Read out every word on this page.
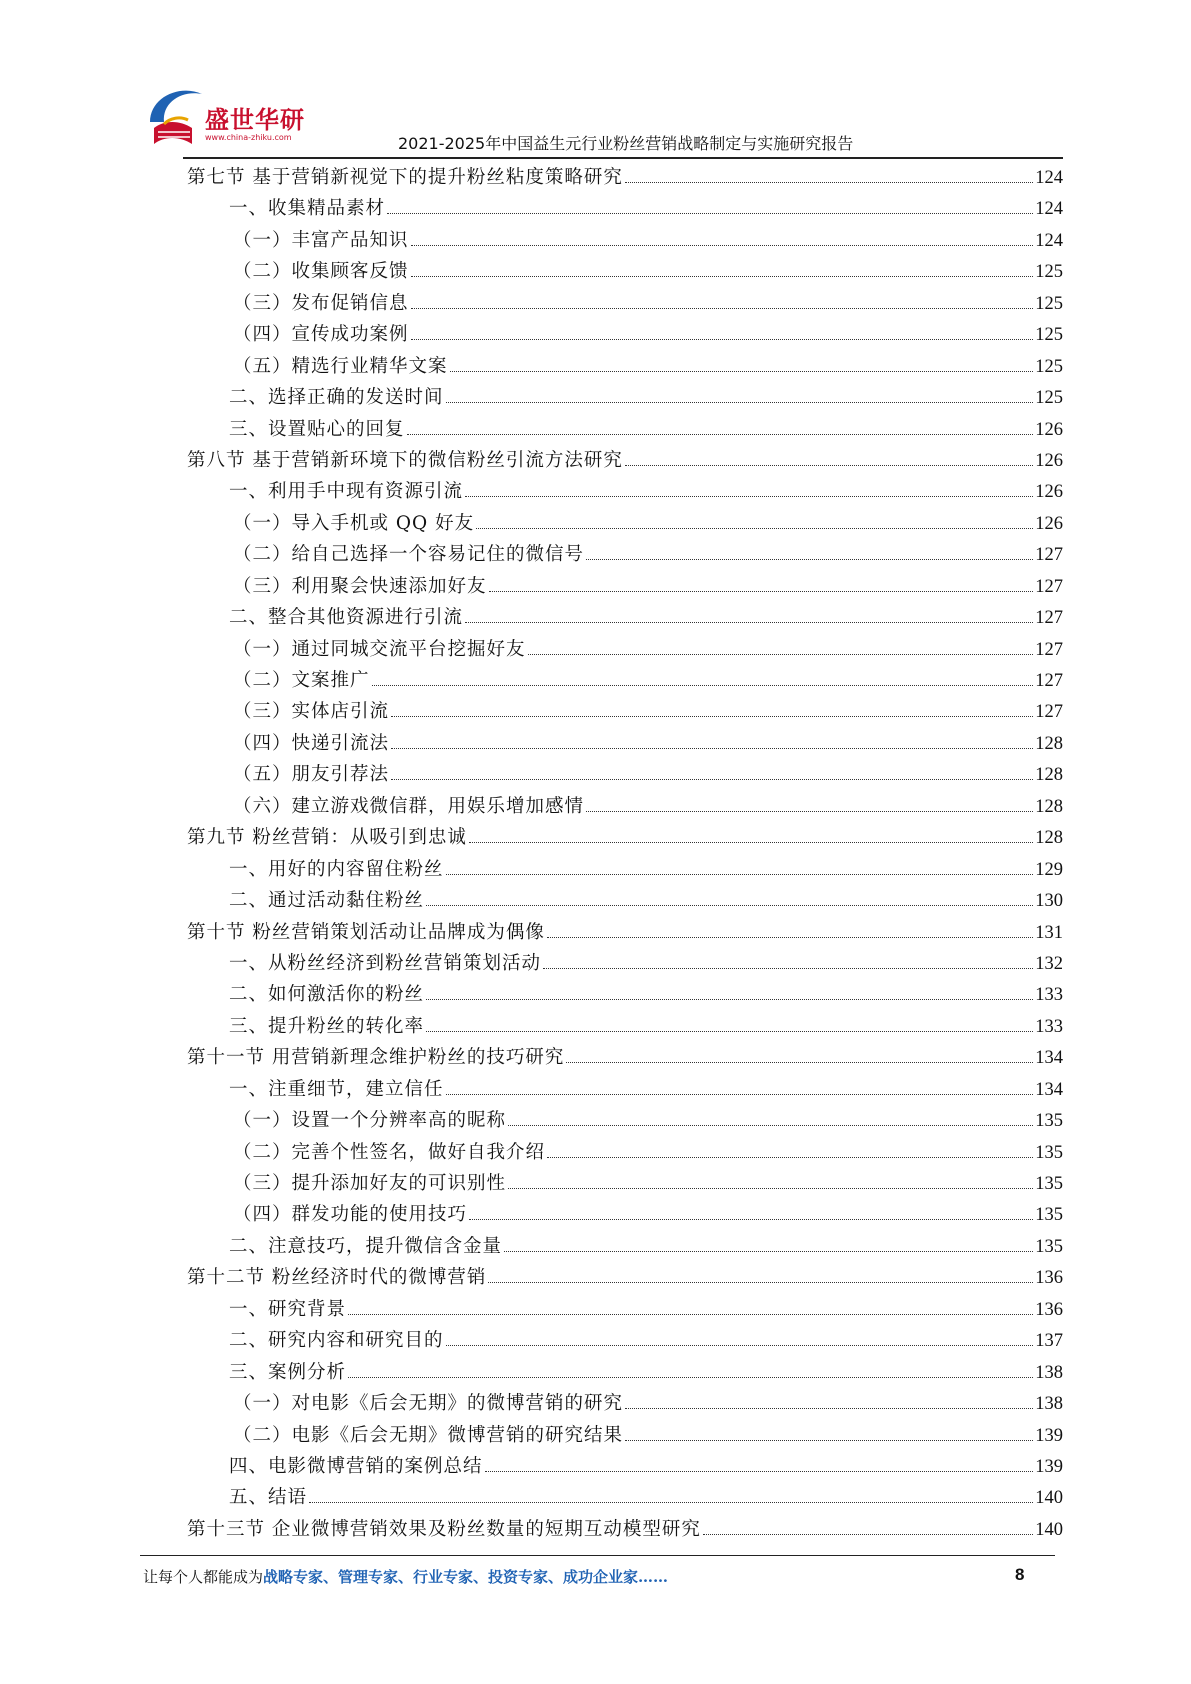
盛世华研
www.china-zhiku.com	2021-2025年中国益生元行业粉丝营销战略制定与实施研究报告
第七节 基于营销新视觉下的提升粉丝粘度策略研究	124
一、收集精品素材	124
（一）丰富产品知识	124
（二）收集顾客反馈	125
（三）发布促销信息	125
（四）宣传成功案例	125
（五）精选行业精华文案	125
二、选择正确的发送时间	125
三、设置贴心的回复	126
第八节 基于营销新环境下的微信粉丝引流方法研究	126
一、利用手中现有资源引流	126
（一）导入手机或 QQ 好友	126
（二）给自己选择一个容易记住的微信号	127
（三）利用聚会快速添加好友	127
二、整合其他资源进行引流	127
（一）通过同城交流平台挖掘好友	127
（二）文案推广	127
（三）实体店引流	127
（四）快递引流法	128
（五）朋友引荐法	128
（六）建立游戏微信群，用娱乐增加感情	128
第九节 粉丝营销：从吸引到忠诚	128
一、用好的内容留住粉丝	129
二、通过活动黏住粉丝	130
第十节 粉丝营销策划活动让品牌成为偶像	131
一、从粉丝经济到粉丝营销策划活动	132
二、如何激活你的粉丝	133
三、提升粉丝的转化率	133
第十一节 用营销新理念维护粉丝的技巧研究	134
一、注重细节，建立信任	134
（一）设置一个分辨率高的昵称	135
（二）完善个性签名，做好自我介绍	135
（三）提升添加好友的可识别性	135
（四）群发功能的使用技巧	135
二、注意技巧，提升微信含金量	135
第十二节 粉丝经济时代的微博营销	136
一、研究背景	136
二、研究内容和研究目的	137
三、案例分析	138
（一）对电影《后会无期》的微博营销的研究	138
（二）电影《后会无期》微博营销的研究结果	139
四、电影微博营销的案例总结	139
五、结语	140
第十三节 企业微博营销效果及粉丝数量的短期互动模型研究	140
让每个人都能成为战略专家、管理专家、行业专家、投资专家、成功企业家……	8
